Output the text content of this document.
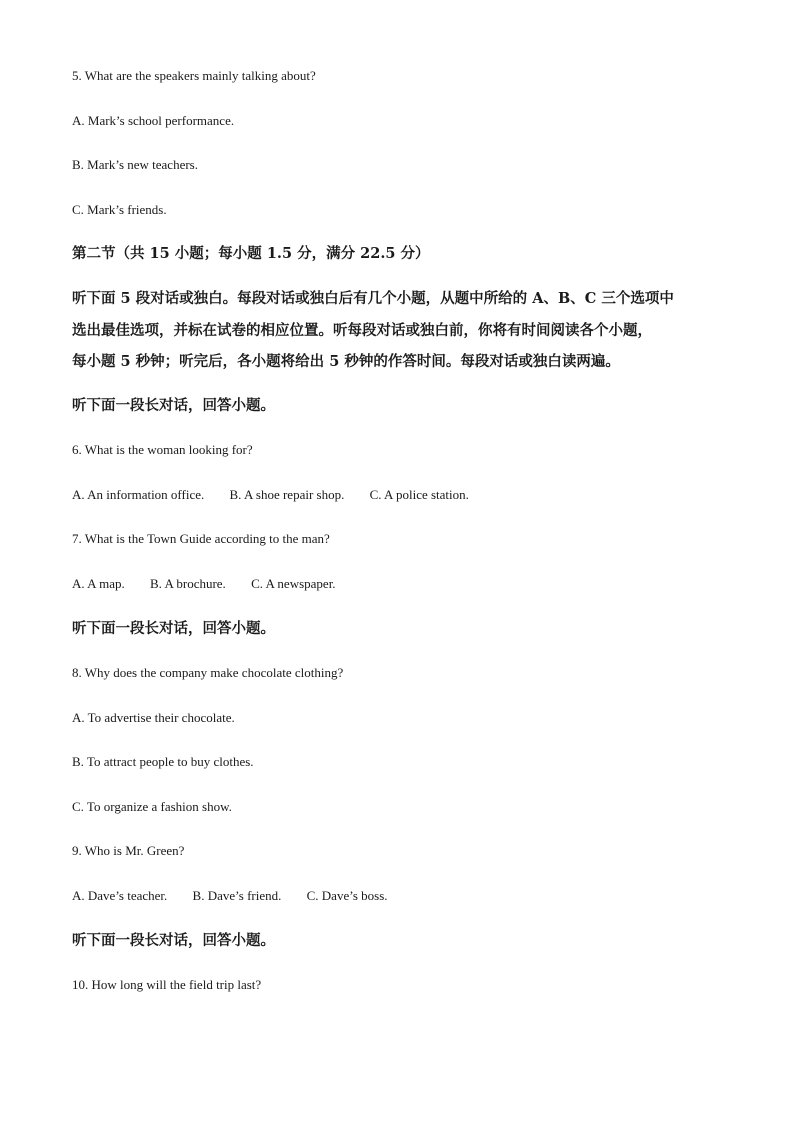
5. What are the speakers mainly talking about?
A. Mark’s school performance.
B. Mark’s new teachers.
C. Mark’s friends.
第二节（共 15 小题；每小题 1.5 分，满分 22.5 分）
听下面 5 段对话或独白。每段对话或独白后有几个小题，从题中所给的 A、B、C 三个选项中
选出最佳选项，并标在试卷的相应位置。听每段对话或独白前，你将有时间阅读各个小题，
每小题 5 秒钟；听完后，各小题将给出 5 秒钟的作答时间。每段对话或独白读两遍。
听下面一段长对话，回答小题。
6. What is the woman looking for?
A. An information office. B. A shoe repair shop. C. A police station.
7. What is the Town Guide according to the man?
A. A map. B. A brochure. C. A newspaper.
听下面一段长对话，回答小题。
8. Why does the company make chocolate clothing?
A. To advertise their chocolate.
B. To attract people to buy clothes.
C. To organize a fashion show.
9. Who is Mr. Green?
A. Dave’s teacher. B. Dave’s friend. C. Dave’s boss.
听下面一段长对话，回答小题。
10. How long will the field trip last?
